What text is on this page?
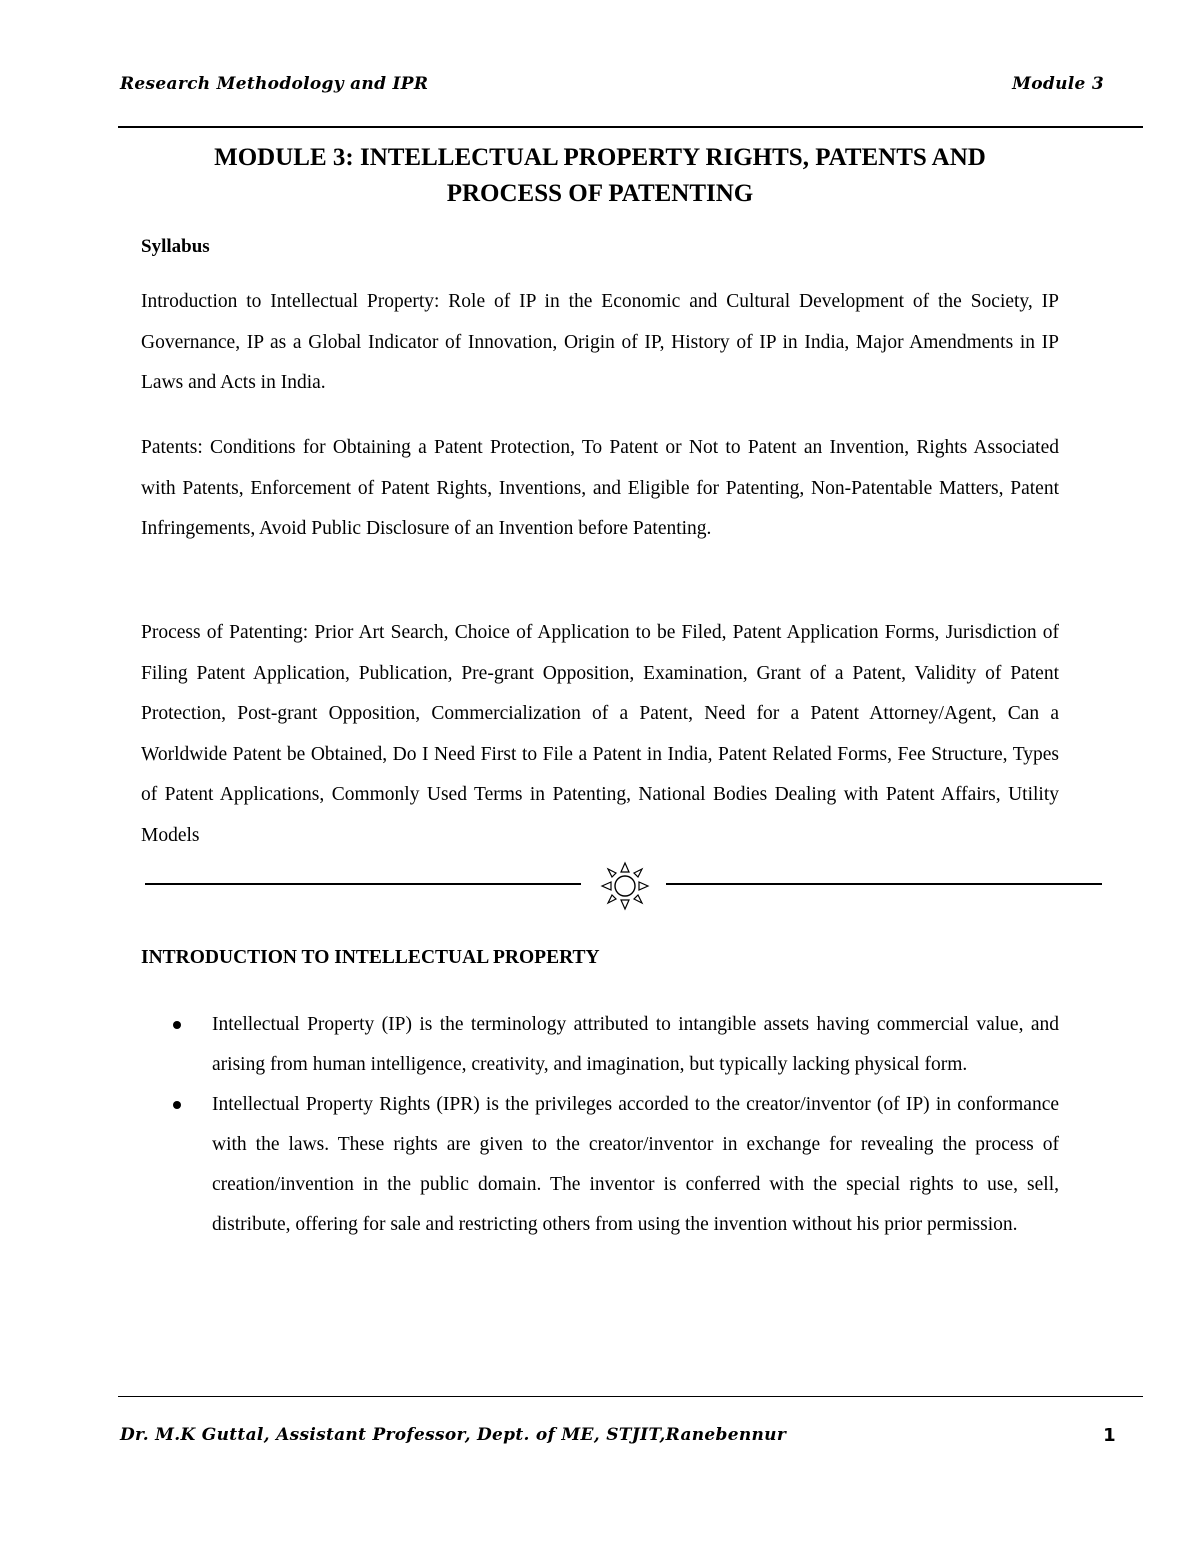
Research Methodology and IPR	Module 3
MODULE 3: INTELLECTUAL PROPERTY RIGHTS, PATENTS AND
PROCESS OF PATENTING
Syllabus

Introduction to Intellectual Property: Role of IP in the Economic and Cultural Development of the Society, IP Governance, IP as a Global Indicator of Innovation, Origin of IP, History of IP in India, Major Amendments in IP Laws and Acts in India.

Patents: Conditions for Obtaining a Patent Protection, To Patent or Not to Patent an Invention, Rights Associated with Patents, Enforcement of Patent Rights, Inventions, and Eligible for Patenting, Non-Patentable Matters, Patent Infringements, Avoid Public Disclosure of an Invention before Patenting.

Process of Patenting: Prior Art Search, Choice of Application to be Filed, Patent Application Forms, Jurisdiction of Filing Patent Application, Publication, Pre-grant Opposition, Examination, Grant of a Patent, Validity of Patent Protection, Post-grant Opposition, Commercialization of a Patent, Need for a Patent Attorney/Agent, Can a Worldwide Patent be Obtained, Do I Need First to File a Patent in India, Patent Related Forms, Fee Structure, Types of Patent Applications, Commonly Used Terms in Patenting, National Bodies Dealing with Patent Affairs, Utility Models

INTRODUCTION TO INTELLECTUAL PROPERTY
Intellectual Property (IP) is the terminology attributed to intangible assets having commercial value, and arising from human intelligence, creativity, and imagination, but typically lacking physical form.
Intellectual Property Rights (IPR) is the privileges accorded to the creator/inventor (of IP) in conformance with the laws. These rights are given to the creator/inventor in exchange for revealing the process of creation/invention in the public domain. The inventor is conferred with the special rights to use, sell, distribute, offering for sale and restricting others from using the invention without his prior permission.
Dr. M.K Guttal, Assistant Professor, Dept. of ME, STJIT,Ranebennur	1
